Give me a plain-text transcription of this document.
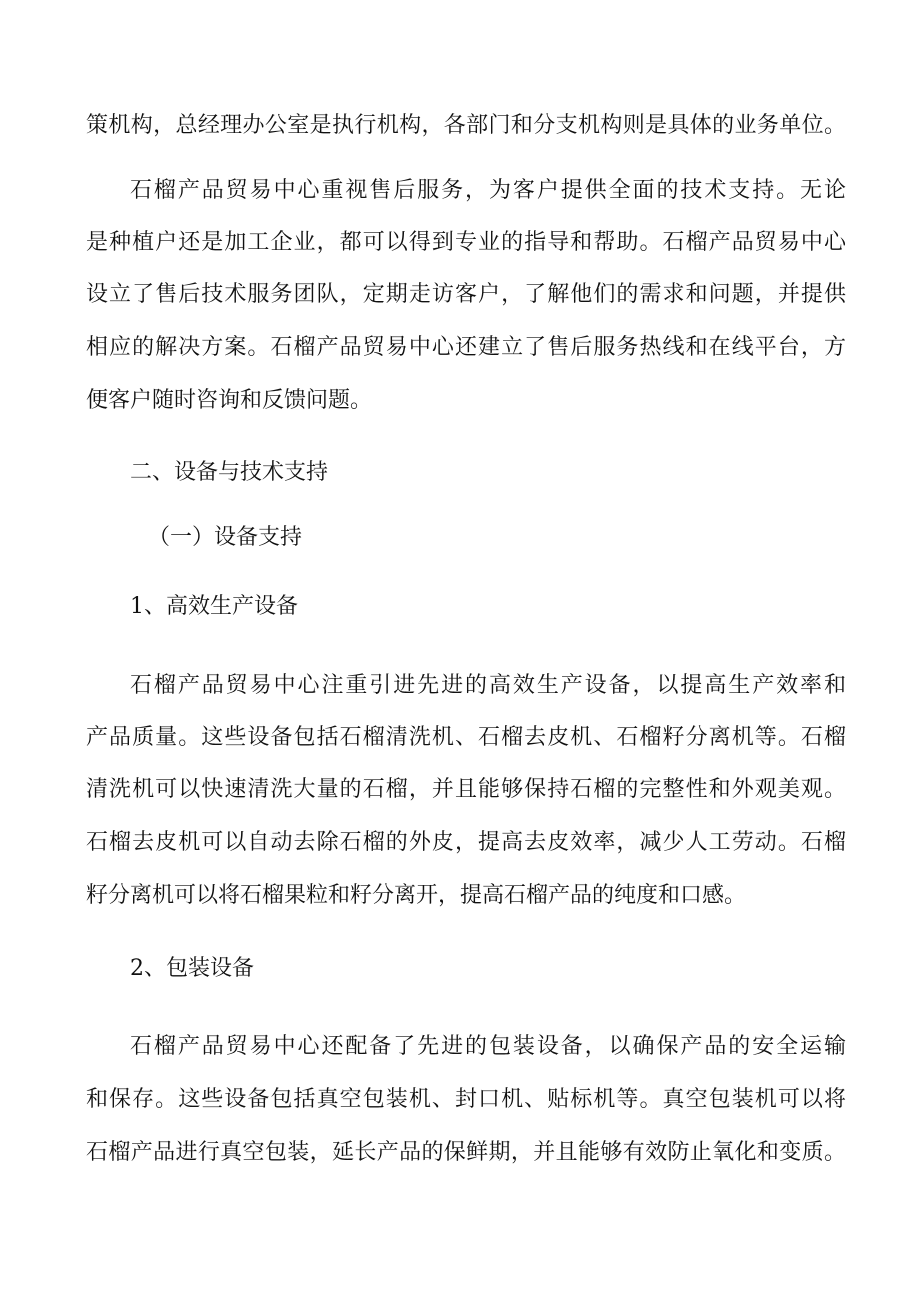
策机构，总经理办公室是执行机构，各部门和分支机构则是具体的业务单位。
石榴产品贸易中心重视售后服务，为客户提供全面的技术支持。无论
是种植户还是加工企业，都可以得到专业的指导和帮助。石榴产品贸易中心
设立了售后技术服务团队，定期走访客户，了解他们的需求和问题，并提供
相应的解决方案。石榴产品贸易中心还建立了售后服务热线和在线平台，方
便客户随时咨询和反馈问题。
二、设备与技术支持
（一）设备支持
1、高效生产设备
石榴产品贸易中心注重引进先进的高效生产设备，以提高生产效率和
产品质量。这些设备包括石榴清洗机、石榴去皮机、石榴籽分离机等。石榴
清洗机可以快速清洗大量的石榴，并且能够保持石榴的完整性和外观美观。
石榴去皮机可以自动去除石榴的外皮，提高去皮效率，减少人工劳动。石榴
籽分离机可以将石榴果粒和籽分离开，提高石榴产品的纯度和口感。
2、包装设备
石榴产品贸易中心还配备了先进的包装设备，以确保产品的安全运输
和保存。这些设备包括真空包装机、封口机、贴标机等。真空包装机可以将
石榴产品进行真空包装，延长产品的保鲜期，并且能够有效防止氧化和变质。
